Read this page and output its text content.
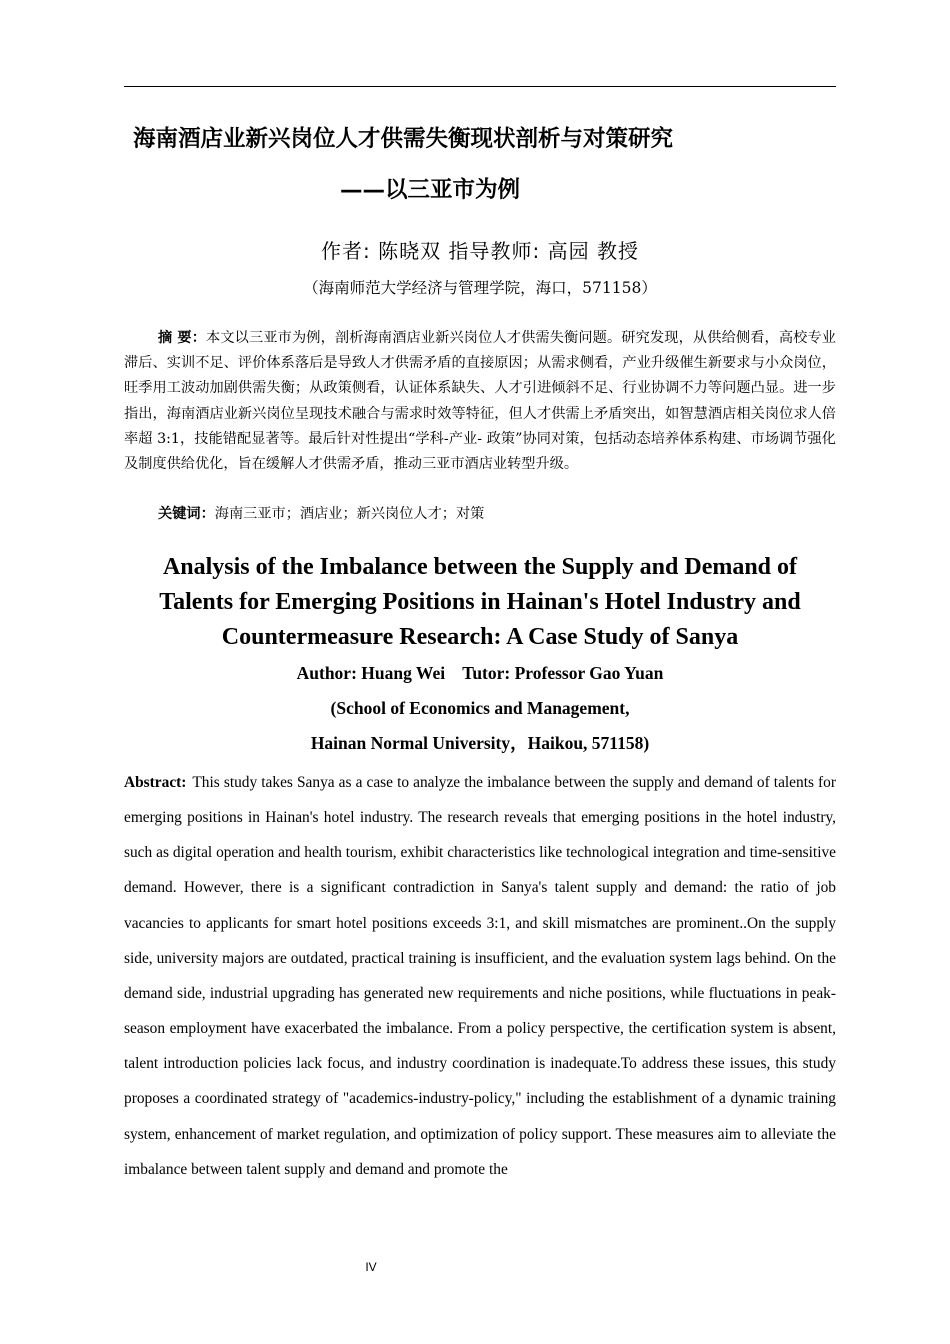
海南酒店业新兴岗位人才供需失衡现状剖析与对策研究
——以三亚市为例
作者: 陈晓双 指导教师: 高园 教授
（海南师范大学经济与管理学院，海口，571158）
摘 要：本文以三亚市为例，剖析海南酒店业新兴岗位人才供需失衡问题。研究发现，从供给侧看，高校专业滞后、实训不足、评价体系落后是导致人才供需矛盾的直接原因；从需求侧看，产业升级催生新要求与小众岗位，旺季用工波动加剧供需失衡；从政策侧看，认证体系缺失、人才引进倾斜不足、行业协调不力等问题凸显。进一步指出，海南酒店业新兴岗位呈现技术融合与需求时效等特征，但人才供需上矛盾突出，如智慧酒店相关岗位求人倍率超 3:1，技能错配显著等。最后针对性提出“学科-产业- 政策”协同对策，包括动态培养体系构建、市场调节强化及制度供给优化，旨在缓解人才供需矛盾，推动三亚市酒店业转型升级。
关键词：海南三亚市；酒店业；新兴岗位人才；对策
Analysis of the Imbalance between the Supply and Demand of Talents for Emerging Positions in Hainan's Hotel Industry and Countermeasure Research: A Case Study of Sanya
Author: Huang Wei    Tutor: Professor Gao Yuan
(School of Economics and Management,
Hainan Normal University，Haikou, 571158)
Abstract: This study takes Sanya as a case to analyze the imbalance between the supply and demand of talents for emerging positions in Hainan's hotel industry. The research reveals that emerging positions in the hotel industry, such as digital operation and health tourism, exhibit characteristics like technological integration and time-sensitive demand. However, there is a significant contradiction in Sanya's talent supply and demand: the ratio of job vacancies to applicants for smart hotel positions exceeds 3:1, and skill mismatches are prominent..On the supply side, university majors are outdated, practical training is insufficient, and the evaluation system lags behind. On the demand side, industrial upgrading has generated new requirements and niche positions, while fluctuations in peak-season employment have exacerbated the imbalance. From a policy perspective, the certification system is absent, talent introduction policies lack focus, and industry coordination is inadequate.To address these issues, this study proposes a coordinated strategy of "academics-industry-policy," including the establishment of a dynamic training system, enhancement of market regulation, and optimization of policy support. These measures aim to alleviate the imbalance between talent supply and demand and promote the
IV
